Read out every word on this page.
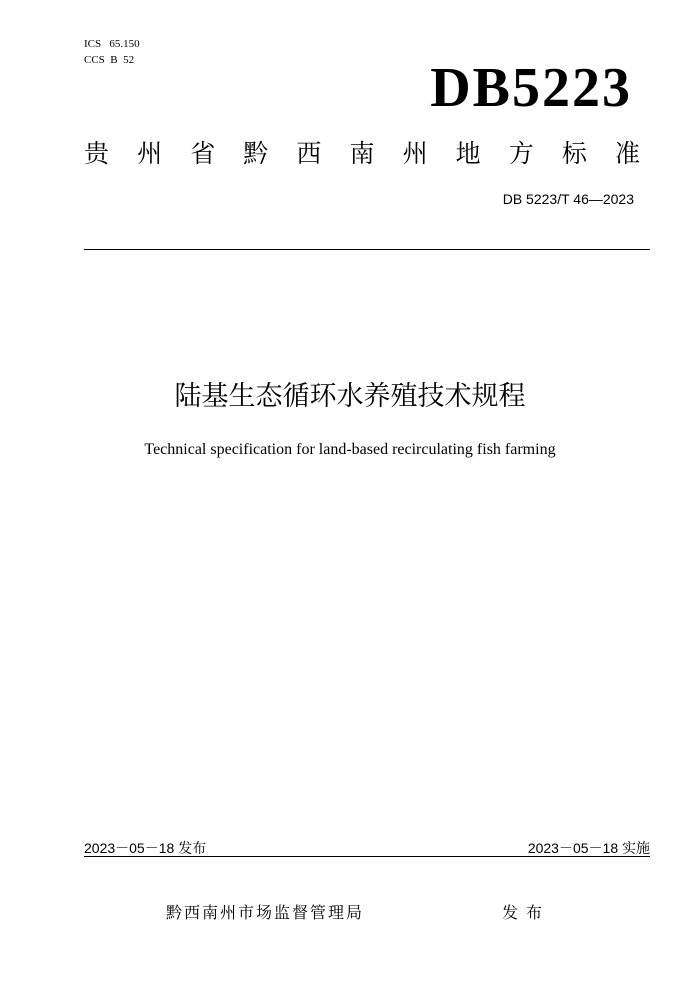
ICS   65.150
CCS  B  52	DB5223
贵 州 省 黔 西 南 州 地 方 标 准
DB 5223/T 46—2023
陆基生态循环水养殖技术规程
Technical specification for land-based recirculating fish farming
2023－05－18 发布	2023－05－18 实施
黔西南州市场监督管理局	发布
